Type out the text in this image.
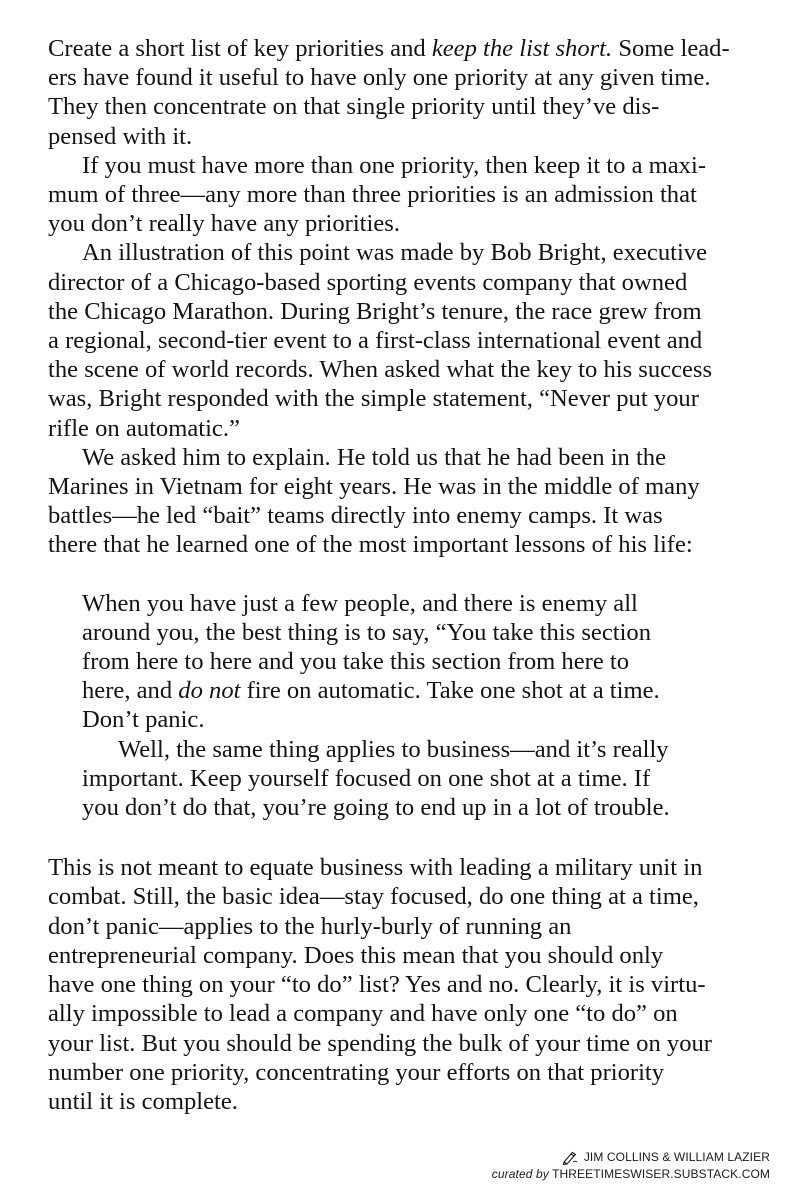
Create a short list of key priorities and keep the list short. Some lead-
ers have found it useful to have only one priority at any given time.
They then concentrate on that single priority until they’ve dis-
pensed with it.
If you must have more than one priority, then keep it to a maxi-
mum of three—any more than three priorities is an admission that
you don’t really have any priorities.
An illustration of this point was made by Bob Bright, executive
director of a Chicago-based sporting events company that owned
the Chicago Marathon. During Bright’s tenure, the race grew from
a regional, second-tier event to a first-class international event and
the scene of world records. When asked what the key to his success
was, Bright responded with the simple statement, “Never put your
rifle on automatic.”
We asked him to explain. He told us that he had been in the
Marines in Vietnam for eight years. He was in the middle of many
battles—he led “bait” teams directly into enemy camps. It was
there that he learned one of the most important lessons of his life:
When you have just a few people, and there is enemy all
around you, the best thing is to say, “You take this section
from here to here and you take this section from here to
here, and do not fire on automatic. Take one shot at a time.
Don’t panic.
Well, the same thing applies to business—and it’s really
important. Keep yourself focused on one shot at a time. If
you don’t do that, you’re going to end up in a lot of trouble.
This is not meant to equate business with leading a military unit in
combat. Still, the basic idea—stay focused, do one thing at a time,
don’t panic—applies to the hurly-burly of running an
entrepreneurial company. Does this mean that you should only
have one thing on your “to do” list? Yes and no. Clearly, it is virtu-
ally impossible to lead a company and have only one “to do” on
your list. But you should be spending the bulk of your time on your
number one priority, concentrating your efforts on that priority
until it is complete.
JIM COLLINS & WILLIAM LAZIER
curated by THREETIMESWISER.SUBSTACK.COM
